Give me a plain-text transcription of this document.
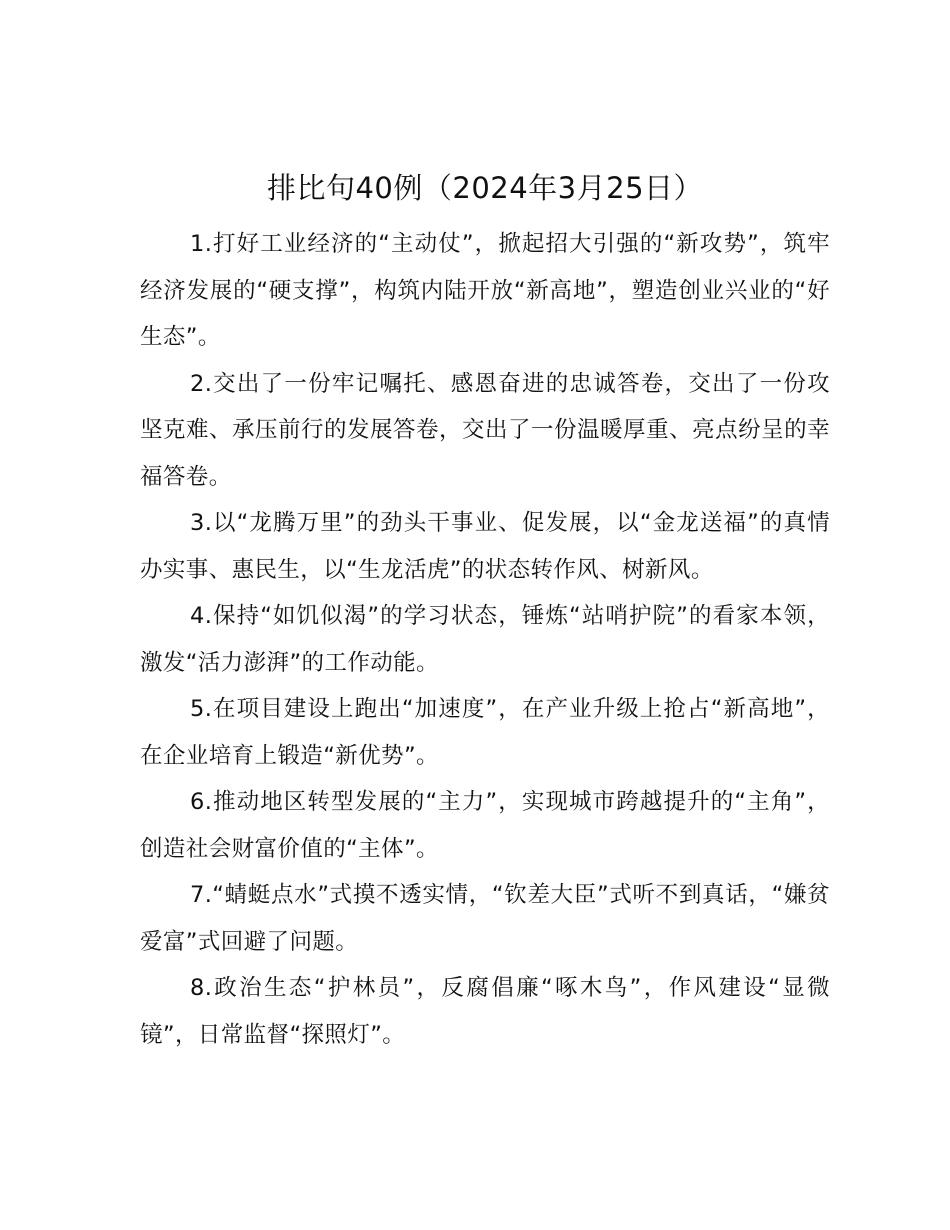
排比句40例（2024年3月25日）

1.打好工业经济的“主动仗”，掀起招大引强的“新攻势”，筑牢经济发展的“硬支撑”，构筑内陆开放“新高地”，塑造创业兴业的“好生态”。

2.交出了一份牢记嘱托、感恩奋进的忠诚答卷，交出了一份攻坚克难、承压前行的发展答卷，交出了一份温暖厚重、亮点纷呈的幸福答卷。

3.以“龙腾万里”的劲头干事业、促发展，以“金龙送福”的真情办实事、惠民生，以“生龙活虎”的状态转作风、树新风。

4.保持“如饥似渴”的学习状态，锤炼“站哨护院”的看家本领，激发“活力澎湃”的工作动能。

5.在项目建设上跑出“加速度”，在产业升级上抢占“新高地”，在企业培育上锻造“新优势”。

6.推动地区转型发展的“主力”，实现城市跨越提升的“主角”，创造社会财富价值的“主体”。

7.“蜻蜓点水”式摸不透实情，“钦差大臣”式听不到真话，“嫌贫爱富”式回避了问题。

8.政治生态“护林员”，反腐倡廉“啄木鸟”，作风建设“显微镜”，日常监督“探照灯”。
